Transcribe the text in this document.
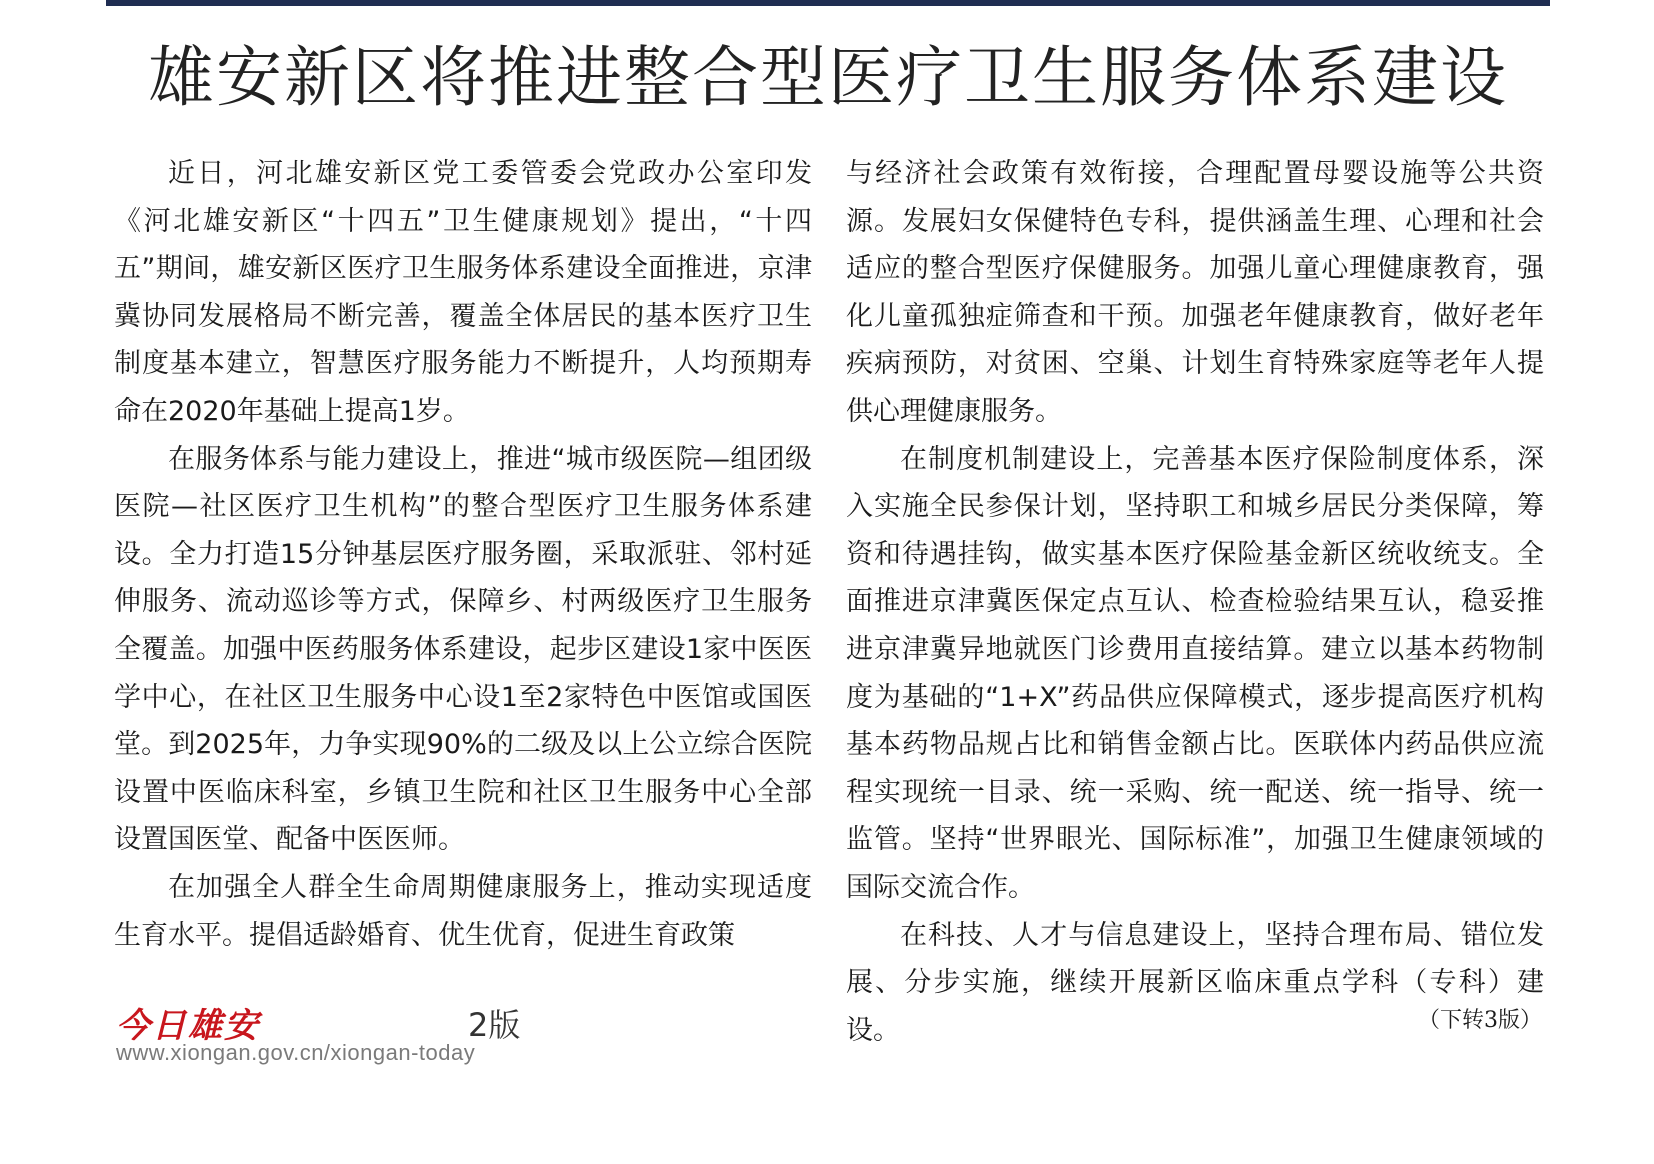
雄安新区将推进整合型医疗卫生服务体系建设

近日，河北雄安新区党工委管委会党政办公室印发《河北雄安新区“十四五”卫生健康规划》提出，“十四五”期间，雄安新区医疗卫生服务体系建设全面推进，京津冀协同发展格局不断完善，覆盖全体居民的基本医疗卫生制度基本建立，智慧医疗服务能力不断提升，人均预期寿命在2020年基础上提高1岁。

在服务体系与能力建设上，推进“城市级医院—组团级医院—社区医疗卫生机构”的整合型医疗卫生服务体系建设。全力打造15分钟基层医疗服务圈，采取派驻、邻村延伸服务、流动巡诊等方式，保障乡、村两级医疗卫生服务全覆盖。加强中医药服务体系建设，起步区建设1家中医医学中心，在社区卫生服务中心设1至2家特色中医馆或国医堂。到2025年，力争实现90%的二级及以上公立综合医院设置中医临床科室，乡镇卫生院和社区卫生服务中心全部设置国医堂、配备中医医师。

在加强全人群全生命周期健康服务上，推动实现适度生育水平。提倡适龄婚育、优生优育，促进生育政策

与经济社会政策有效衔接，合理配置母婴设施等公共资源。发展妇女保健特色专科，提供涵盖生理、心理和社会适应的整合型医疗保健服务。加强儿童心理健康教育，强化儿童孤独症筛查和干预。加强老年健康教育，做好老年疾病预防，对贫困、空巢、计划生育特殊家庭等老年人提供心理健康服务。

在制度机制建设上，完善基本医疗保险制度体系，深入实施全民参保计划，坚持职工和城乡居民分类保障，筹资和待遇挂钩，做实基本医疗保险基金新区统收统支。全面推进京津冀医保定点互认、检查检验结果互认，稳妥推进京津冀异地就医门诊费用直接结算。建立以基本药物制度为基础的“1+X”药品供应保障模式，逐步提高医疗机构基本药物品规占比和销售金额占比。医联体内药品供应流程实现统一目录、统一采购、统一配送、统一指导、统一监管。坚持“世界眼光、国际标准”，加强卫生健康领域的国际交流合作。

在科技、人才与信息建设上，坚持合理布局、错位发展、分步实施，继续开展新区临床重点学科（专科）建设。	（下转3版）
今日雄安	2版
www.xiongan.gov.cn/xiongan-today
